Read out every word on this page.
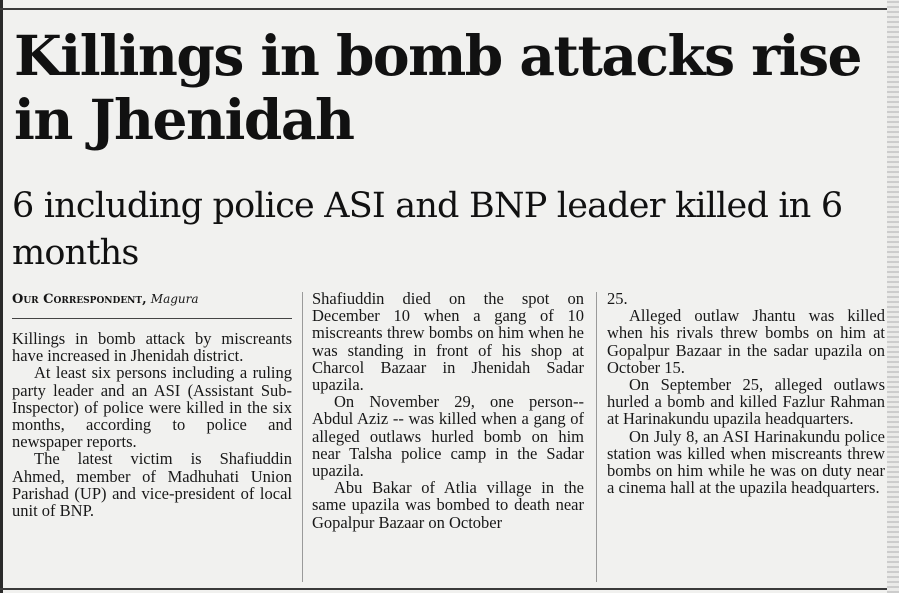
Killings in bomb attacks rise in Jhenidah
6 including police ASI and BNP leader killed in 6 months
Our Correspondent, Magura

Killings in bomb attack by miscreants have increased in Jhenidah district.

At least six persons including a ruling party leader and an ASI (Assistant Sub-Inspector) of police were killed in the six months, according to police and newspaper reports.

The latest victim is Shafiuddin Ahmed, member of Madhuhati Union Parishad (UP) and vice-president of local unit of BNP.

Shafiuddin died on the spot on December 10 when a gang of 10 miscreants threw bombs on him when he was standing in front of his shop at Charcol Bazaar in Jhenidah Sadar upazila.

On November 29, one person-- Abdul Aziz -- was killed when a gang of alleged outlaws hurled bomb on him near Talsha police camp in the Sadar upazila.

Abu Bakar of Atlia village in the same upazila was bombed to death near Gopalpur Bazaar on October

25.

Alleged outlaw Jhantu was killed when his rivals threw bombs on him at Gopalpur Bazaar in the sadar upazila on October 15.

On September 25, alleged outlaws hurled a bomb and killed Fazlur Rahman at Harinakundu upazila headquarters.

On July 8, an ASI Harinakundu police station was killed when miscreants threw bombs on him while he was on duty near a cinema hall at the upazila headquarters.
